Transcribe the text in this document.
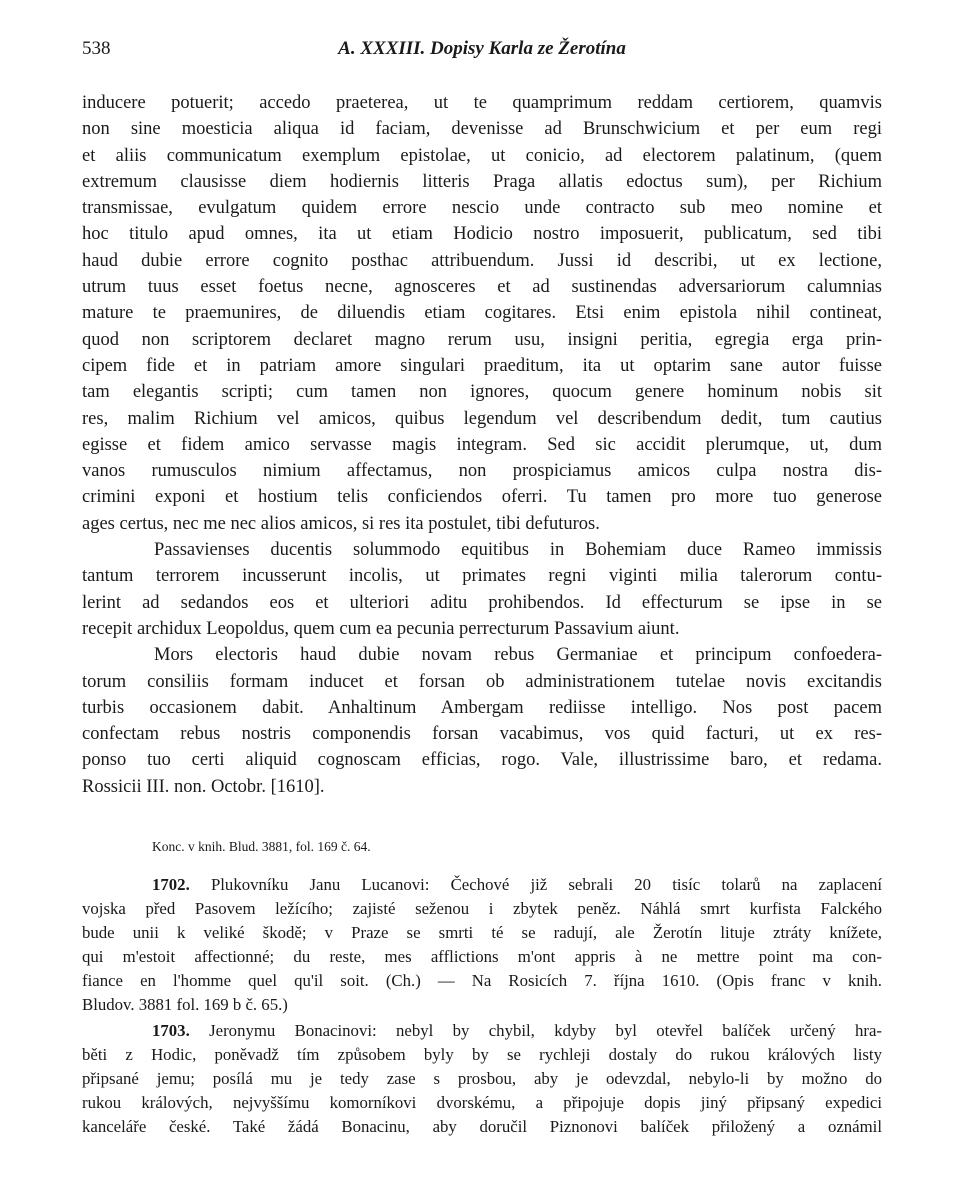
538	A. XXXIII. Dopisy Karla ze Žerotína
inducere potuerit; accedo praeterea, ut te quamprimum reddam certiorem, quamvis
non sine moesticia aliqua id faciam, devenisse ad Brunschwicium et per eum regi
et aliis communicatum exemplum epistolae, ut conicio, ad electorem palatinum, (quem
extremum clausisse diem hodiernis litteris Praga allatis edoctus sum), per Richium
transmissae, evulgatum quidem errore nescio unde contracto sub meo nomine et
hoc titulo apud omnes, ita ut etiam Hodicio nostro imposuerit, publicatum, sed tibi
haud dubie errore cognito posthac attribuendum. Jussi id describi, ut ex lectione,
utrum tuus esset foetus necne, agnosceres et ad sustinendas adversariorum calumnias
mature te praemunires, de diluendis etiam cogitares. Etsi enim epistola nihil contineat,
quod non scriptorem declaret magno rerum usu, insigni peritia, egregia erga prin-
cipem fide et in patriam amore singulari praeditum, ita ut optarim sane autor fuisse
tam elegantis scripti; cum tamen non ignores, quocum genere hominum nobis sit
res, malim Richium vel amicos, quibus legendum vel describendum dedit, tum cautius
egisse et fidem amico servasse magis integram. Sed sic accidit plerumque, ut, dum
vanos rumusculos nimium affectamus, non prospiciamus amicos culpa nostra dis-
crimini exponi et hostium telis conficiendos oferri. Tu tamen pro more tuo generose
ages certus, nec me nec alios amicos, si res ita postulet, tibi defuturos.
Passavienses ducentis solummodo equitibus in Bohemiam duce Rameo immissis
tantum terrorem incusserunt incolis, ut primates regni viginti milia talerorum contu-
lerint ad sedandos eos et ulteriori aditu prohibendos. Id effecturum se ipse in se
recepit archidux Leopoldus, quem cum ea pecunia perrecturum Passavium aiunt.
Mors electoris haud dubie novam rebus Germaniae et principum confoedera-
torum consiliis formam inducet et forsan ob administrationem tutelae novis excitandis
turbis occasionem dabit. Anhaltinum Ambergam rediisse intelligo. Nos post pacem
confectam rebus nostris componendis forsan vacabimus, vos quid facturi, ut ex res-
ponso tuo certi aliquid cognoscam efficias, rogo. Vale, illustrissime baro, et redama.
Rossicii III. non. Octobr. [1610].
Konc. v knih. Blud. 3881, fol. 169 č. 64.
1702. Plukovníku Janu Lucanovi: Čechové již sebrali 20 tisíc tolarů na zaplacení
vojska před Pasovem ležícího; zajisté seženou i zbytek peněz. Náhlá smrt kurfista Falckého
bude unii k veliké škodě; v Praze se smrti té se radují, ale Žerotín lituje ztráty knížete,
qui m'estoit affectionné; du reste, mes afflictions m'ont appris à ne mettre point ma con-
fiance en l'homme quel qu'il soit. (Ch.) — Na Rosicích 7. října 1610. (Opis franc v knih.
Bludov. 3881 fol. 169 b č. 65.)
1703. Jeronymu Bonacinovi: nebyl by chybil, kdyby byl otevřel balíček určený hra-
běti z Hodic, poněvadž tím způsobem byly by se rychleji dostaly do rukou králových listy
připsané jemu; posílá mu je tedy zase s prosbou, aby je odevzdal, nebylo-li by možno do
rukou králových, nejvyššímu komorníkovi dvorskému, a připojuje dopis jiný připsaný expedici
kanceláře české. Také žádá Bonacinu, aby doručil Piznonovi balíček přiložený a oznámil
